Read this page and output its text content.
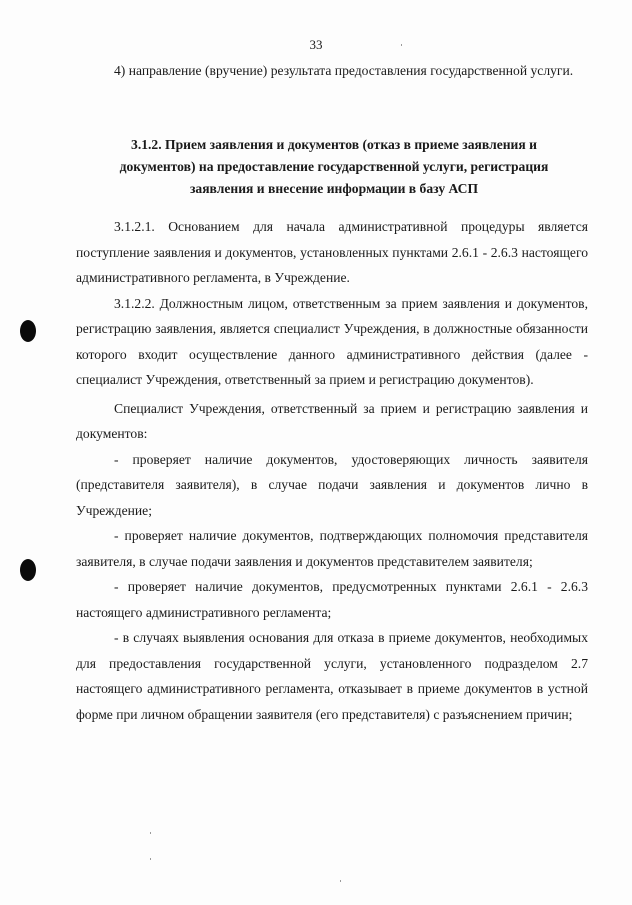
33

4) направление (вручение) результата предоставления государственной услуги.

3.1.2. Прием заявления и документов (отказ в приеме заявления и документов) на предоставление государственной услуги, регистрация заявления и внесение информации в базу АСП

3.1.2.1. Основанием для начала административной процедуры является поступление заявления и документов, установленных пунктами 2.6.1 - 2.6.3 настоящего административного регламента, в Учреждение.

3.1.2.2. Должностным лицом, ответственным за прием заявления и документов, регистрацию заявления, является специалист Учреждения, в должностные обязанности которого входит осуществление данного административного действия (далее - специалист Учреждения, ответственный за прием и регистрацию документов).

Специалист Учреждения, ответственный за прием и регистрацию заявления и документов:

- проверяет наличие документов, удостоверяющих личность заявителя (представителя заявителя), в случае подачи заявления и документов лично в Учреждение;

- проверяет наличие документов, подтверждающих полномочия представителя заявителя, в случае подачи заявления и документов представителем заявителя;

- проверяет наличие документов, предусмотренных пунктами 2.6.1 - 2.6.3 настоящего административного регламента;

- в случаях выявления основания для отказа в приеме документов, необходимых для предоставления государственной услуги, установленного подразделом 2.7 настоящего административного регламента, отказывает в приеме документов в устной форме при личном обращении заявителя (его представителя) с разъяснением причин;
